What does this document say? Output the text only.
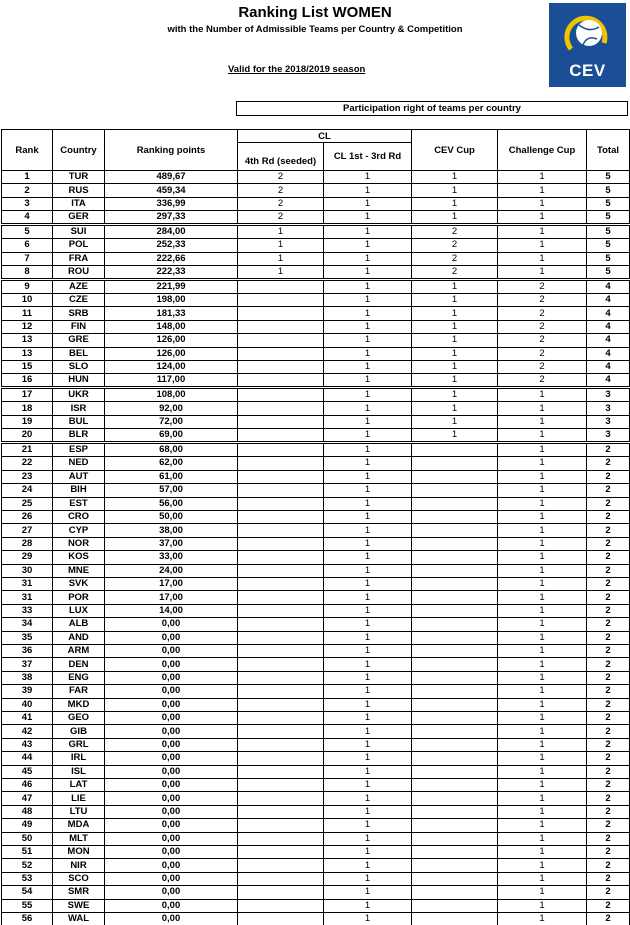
Ranking List WOMEN
with the Number of Admissible Teams per Country & Competition
Valid for the 2018/2019 season	CEV
Participation right of teams per country
Rank	Country	Ranking points	CL		CEV Cup	Challenge Cup	Total
			4th Rd (seeded)	CL 1st - 3rd Rd			
1	TUR	489,67	2	1	1	1	5
2	RUS	459,34	2	1	1	1	5
3	ITA	336,99	2	1	1	1	5
4	GER	297,33	2	1	1	1	5
5	SUI	284,00	1	1	2	1	5
6	POL	252,33	1	1	2	1	5
7	FRA	222,66	1	1	2	1	5
8	ROU	222,33	1	1	2	1	5
9	AZE	221,99		1	1	2	4
10	CZE	198,00		1	1	2	4
11	SRB	181,33		1	1	2	4
12	FIN	148,00		1	1	2	4
13	GRE	126,00		1	1	2	4
13	BEL	126,00		1	1	2	4
15	SLO	124,00		1	1	2	4
16	HUN	117,00		1	1	2	4
17	UKR	108,00		1	1	1	3
18	ISR	92,00		1	1	1	3
19	BUL	72,00		1	1	1	3
20	BLR	69,00		1	1	1	3
21	ESP	68,00		1		1	2
22	NED	62,00		1		1	2
23	AUT	61,00		1		1	2
24	BIH	57,00		1		1	2
25	EST	56,00		1		1	2
26	CRO	50,00		1		1	2
27	CYP	38,00		1		1	2
28	NOR	37,00		1		1	2
29	KOS	33,00		1		1	2
30	MNE	24,00		1		1	2
31	SVK	17,00		1		1	2
31	POR	17,00		1		1	2
33	LUX	14,00		1		1	2
34	ALB	0,00		1		1	2
35	AND	0,00		1		1	2
36	ARM	0,00		1		1	2
37	DEN	0,00		1		1	2
38	ENG	0,00		1		1	2
39	FAR	0,00		1		1	2
40	MKD	0,00		1		1	2
41	GEO	0,00		1		1	2
42	GIB	0,00		1		1	2
43	GRL	0,00		1		1	2
44	IRL	0,00		1		1	2
45	ISL	0,00		1		1	2
46	LAT	0,00		1		1	2
47	LIE	0,00		1		1	2
48	LTU	0,00		1		1	2
49	MDA	0,00		1		1	2
50	MLT	0,00		1		1	2
51	MON	0,00		1		1	2
52	NIR	0,00		1		1	2
53	SCO	0,00		1		1	2
54	SMR	0,00		1		1	2
55	SWE	0,00		1		1	2
56	WAL	0,00		1		1	2
